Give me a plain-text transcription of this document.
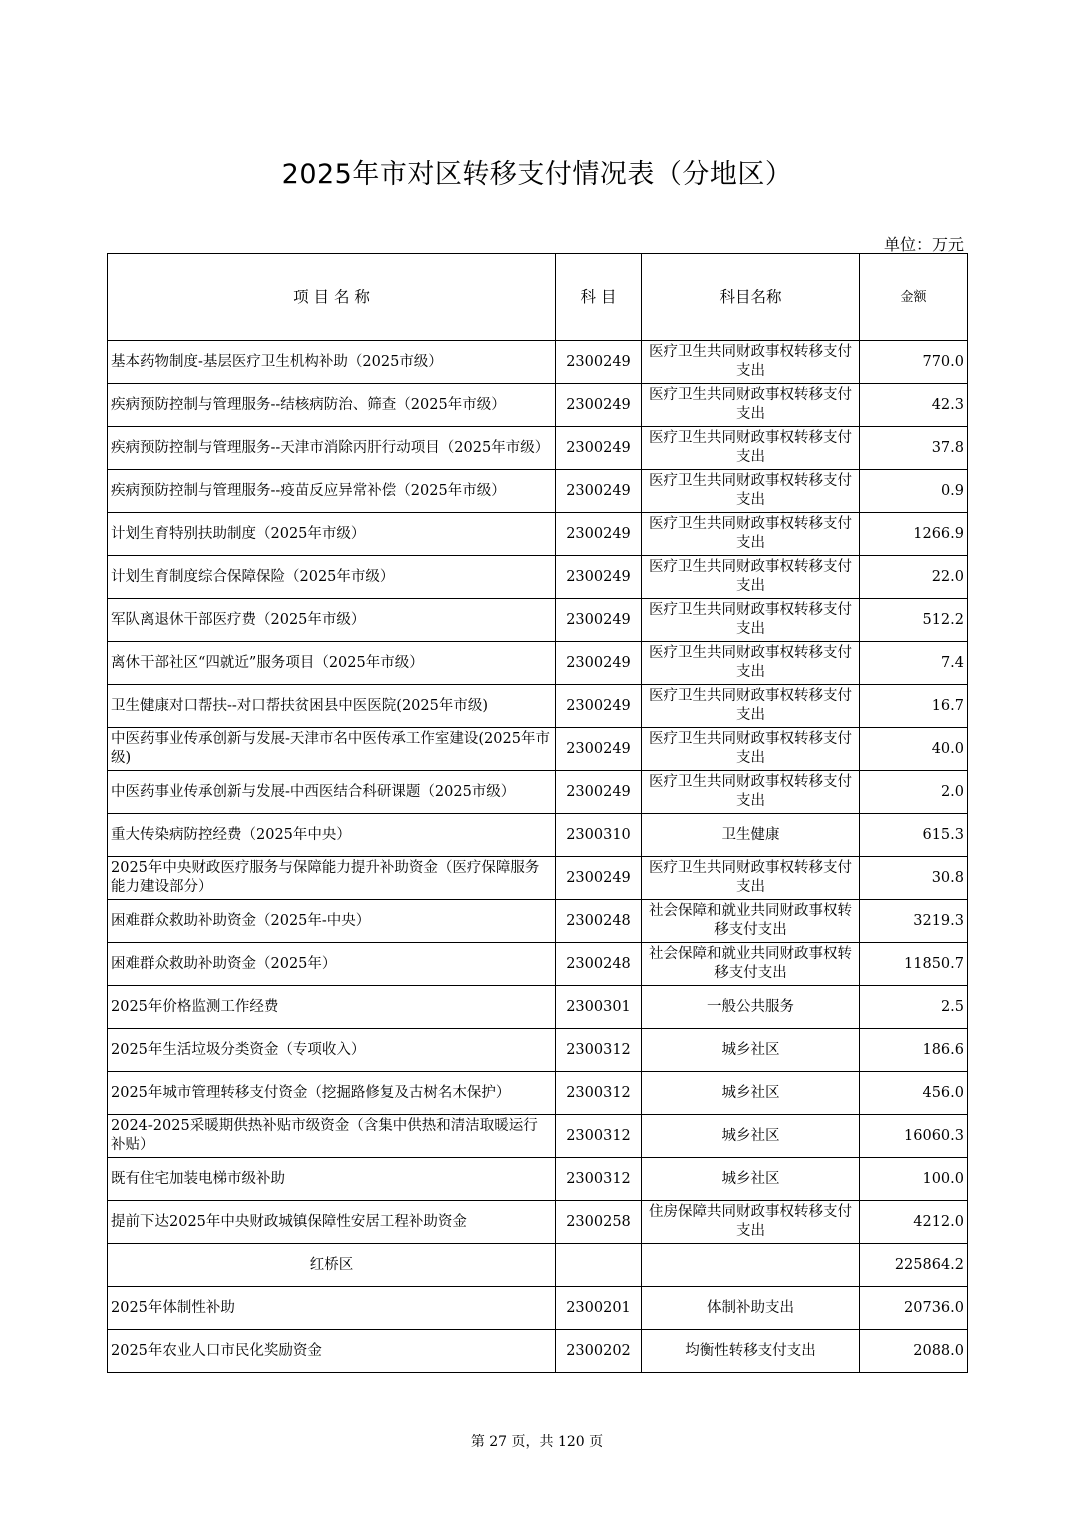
2025年市对区转移支付情况表（分地区）
单位：万元
项 目 名 称	科 目	科目名称	金额
基本药物制度-基层医疗卫生机构补助（2025市级）	2300249	医疗卫生共同财政事权转移支付支出	770.0
疾病预防控制与管理服务--结核病防治、筛查（2025年市级）	2300249	医疗卫生共同财政事权转移支付支出	42.3
疾病预防控制与管理服务--天津市消除丙肝行动项目（2025年市级）	2300249	医疗卫生共同财政事权转移支付支出	37.8
疾病预防控制与管理服务--疫苗反应异常补偿（2025年市级）	2300249	医疗卫生共同财政事权转移支付支出	0.9
计划生育特别扶助制度（2025年市级）	2300249	医疗卫生共同财政事权转移支付支出	1266.9
计划生育制度综合保障保险（2025年市级）	2300249	医疗卫生共同财政事权转移支付支出	22.0
军队离退休干部医疗费（2025年市级）	2300249	医疗卫生共同财政事权转移支付支出	512.2
离休干部社区“四就近”服务项目（2025年市级）	2300249	医疗卫生共同财政事权转移支付支出	7.4
卫生健康对口帮扶--对口帮扶贫困县中医医院(2025年市级)	2300249	医疗卫生共同财政事权转移支付支出	16.7
中医药事业传承创新与发展-天津市名中医传承工作室建设(2025年市级)	2300249	医疗卫生共同财政事权转移支付支出	40.0
中医药事业传承创新与发展-中西医结合科研课题（2025市级）	2300249	医疗卫生共同财政事权转移支付支出	2.0
重大传染病防控经费（2025年中央）	2300310	卫生健康	615.3
2025年中央财政医疗服务与保障能力提升补助资金（医疗保障服务能力建设部分）	2300249	医疗卫生共同财政事权转移支付支出	30.8
困难群众救助补助资金（2025年-中央）	2300248	社会保障和就业共同财政事权转移支付支出	3219.3
困难群众救助补助资金（2025年）	2300248	社会保障和就业共同财政事权转移支付支出	11850.7
2025年价格监测工作经费	2300301	一般公共服务	2.5
2025年生活垃圾分类资金（专项收入）	2300312	城乡社区	186.6
2025年城市管理转移支付资金（挖掘路修复及古树名木保护）	2300312	城乡社区	456.0
2024-2025采暖期供热补贴市级资金（含集中供热和清洁取暖运行补贴）	2300312	城乡社区	16060.3
既有住宅加装电梯市级补助	2300312	城乡社区	100.0
提前下达2025年中央财政城镇保障性安居工程补助资金	2300258	住房保障共同财政事权转移支付支出	4212.0
红桥区			225864.2
2025年体制性补助	2300201	体制补助支出	20736.0
2025年农业人口市民化奖励资金	2300202	均衡性转移支付支出	2088.0
第 27 页，共 120 页
